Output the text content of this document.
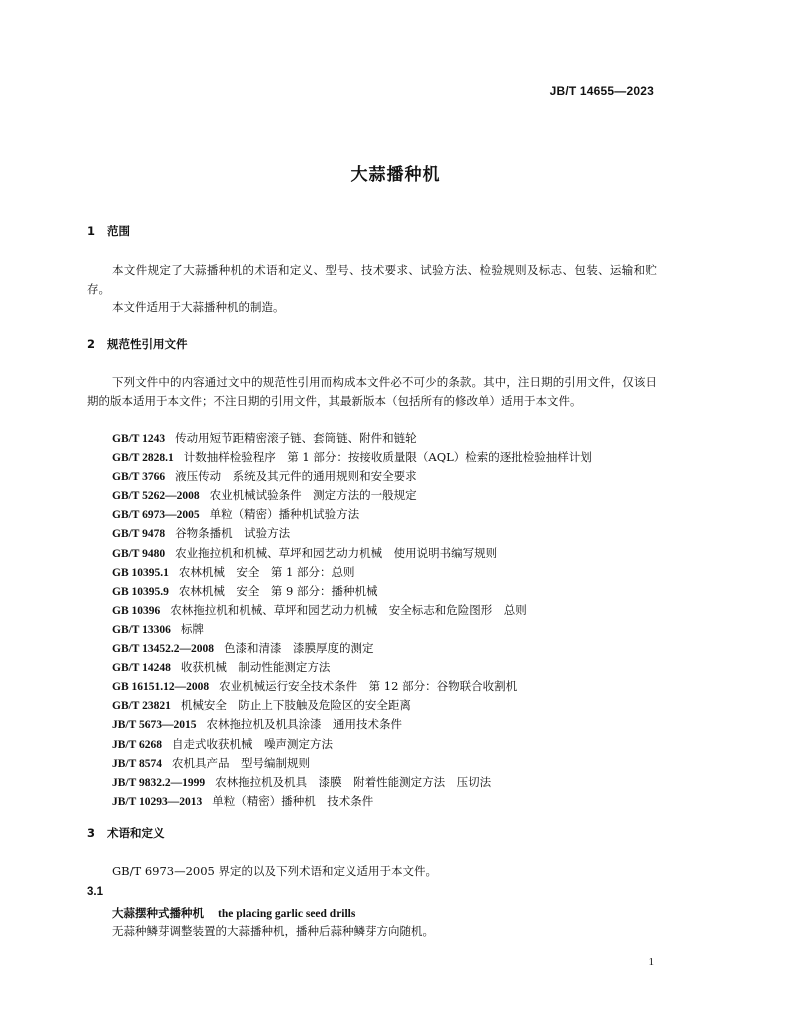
JB/T 14655—2023
大蒜播种机
1 范围
本文件规定了大蒜播种机的术语和定义、型号、技术要求、试验方法、检验规则及标志、包装、运输和贮存。
本文件适用于大蒜播种机的制造。
2 规范性引用文件
下列文件中的内容通过文中的规范性引用而构成本文件必不可少的条款。其中，注日期的引用文件，仅该日期的版本适用于本文件；不注日期的引用文件，其最新版本（包括所有的修改单）适用于本文件。
GB/T 1243 传动用短节距精密滚子链、套筒链、附件和链轮
GB/T 2828.1 计数抽样检验程序　第 1 部分：按接收质量限（AQL）检索的逐批检验抽样计划
GB/T 3766 液压传动　系统及其元件的通用规则和安全要求
GB/T 5262—2008 农业机械试验条件　测定方法的一般规定
GB/T 6973—2005 单粒（精密）播种机试验方法
GB/T 9478 谷物条播机　试验方法
GB/T 9480 农业拖拉机和机械、草坪和园艺动力机械　使用说明书编写规则
GB 10395.1 农林机械　安全　第 1 部分：总则
GB 10395.9 农林机械　安全　第 9 部分：播种机械
GB 10396 农林拖拉机和机械、草坪和园艺动力机械　安全标志和危险图形　总则
GB/T 13306 标牌
GB/T 13452.2—2008 色漆和清漆　漆膜厚度的测定
GB/T 14248 收获机械　制动性能测定方法
GB 16151.12—2008 农业机械运行安全技术条件　第 12 部分：谷物联合收割机
GB/T 23821 机械安全　防止上下肢触及危险区的安全距离
JB/T 5673—2015 农林拖拉机及机具涂漆　通用技术条件
JB/T 6268 自走式收获机械　噪声测定方法
JB/T 8574 农机具产品　型号编制规则
JB/T 9832.2—1999 农林拖拉机及机具　漆膜　附着性能测定方法　压切法
JB/T 10293—2013 单粒（精密）播种机　技术条件
3 术语和定义
GB/T 6973—2005 界定的以及下列术语和定义适用于本文件。
3.1
大蒜摆种式播种机 the placing garlic seed drills
无蒜种鳞芽调整装置的大蒜播种机，播种后蒜种鳞芽方向随机。
1
